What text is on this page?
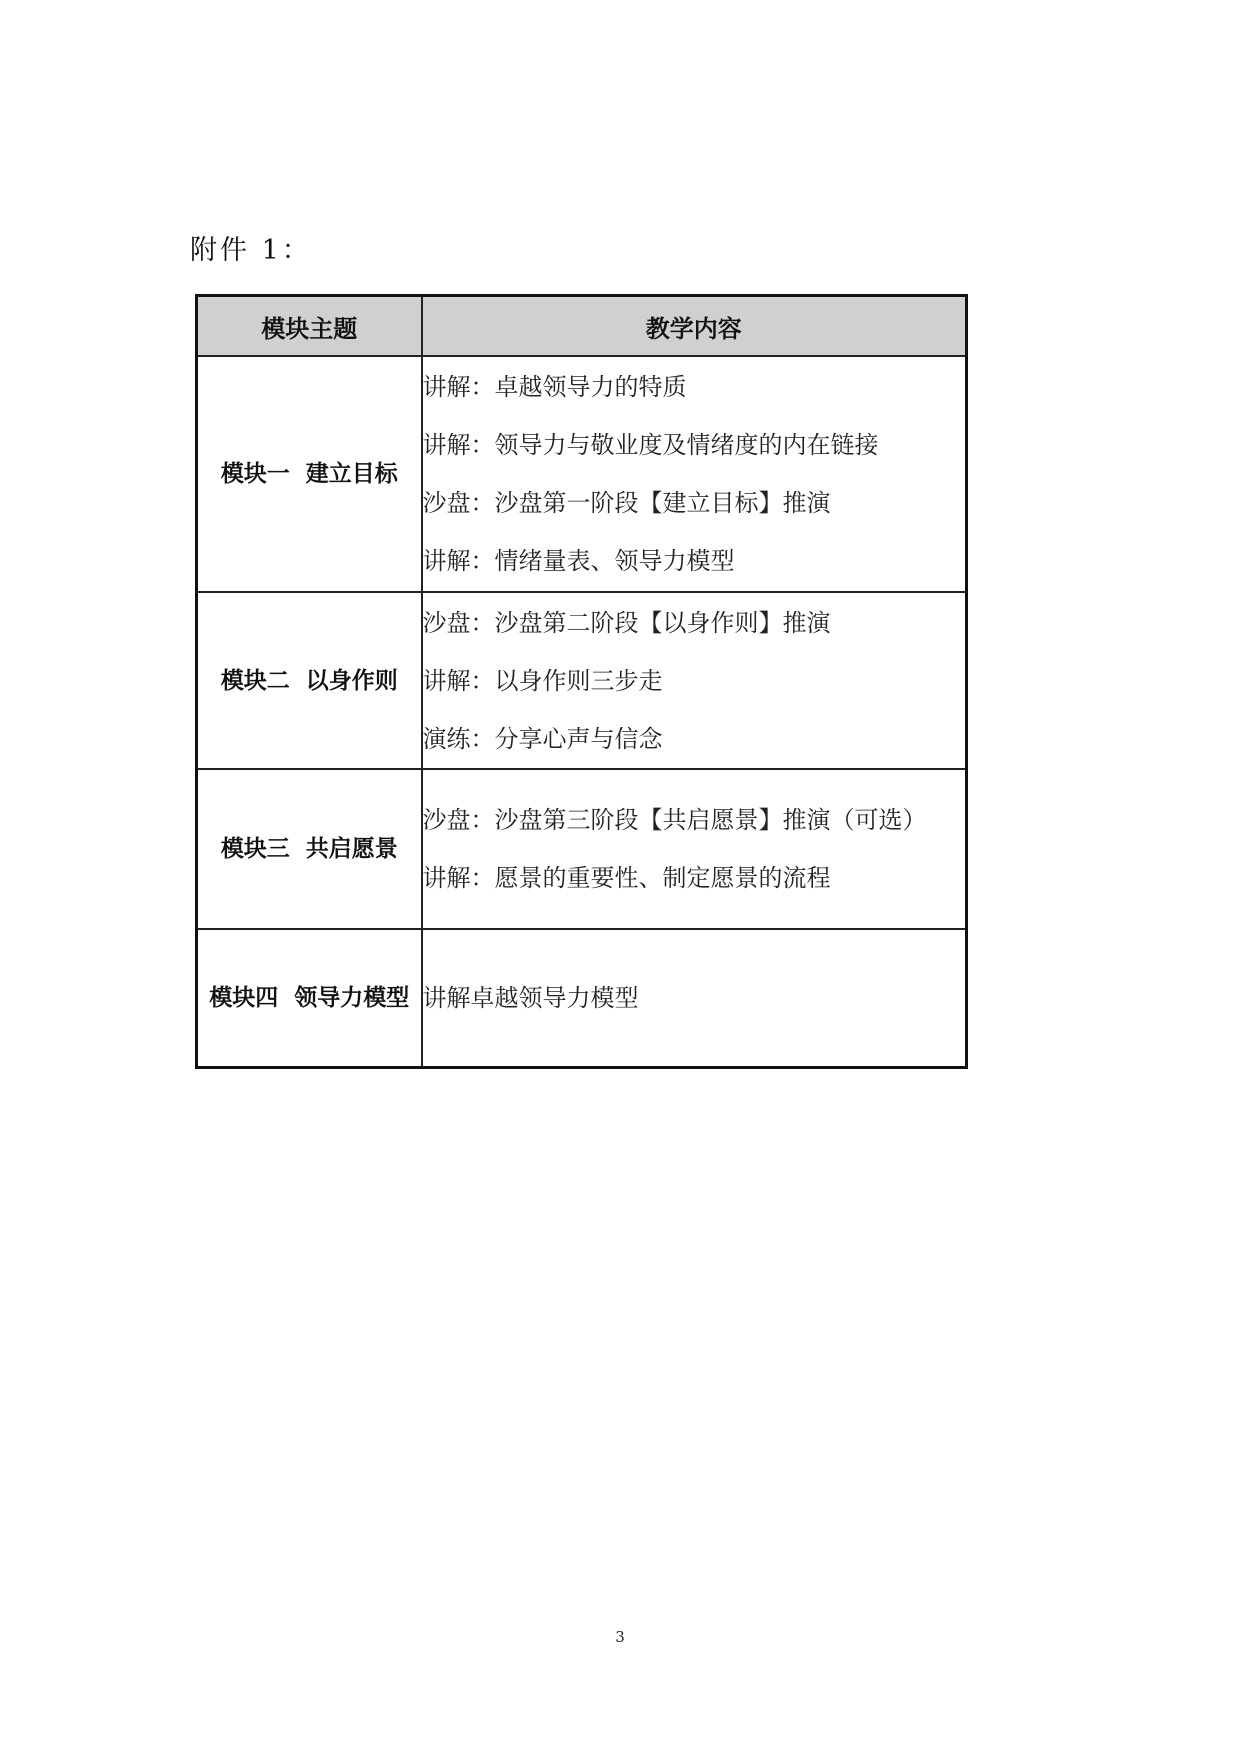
附件 1：
模块主题	教学内容
模块一  建立目标	讲解：卓越领导力的特质
讲解：领导力与敬业度及情绪度的内在链接
沙盘：沙盘第一阶段【建立目标】推演
讲解：情绪量表、领导力模型

模块二  以身作则	沙盘：沙盘第二阶段【以身作则】推演
讲解：以身作则三步走
演练：分享心声与信念

模块三  共启愿景	沙盘：沙盘第三阶段【共启愿景】推演（可选）
讲解：愿景的重要性、制定愿景的流程

模块四  领导力模型	讲解卓越领导力模型
3
